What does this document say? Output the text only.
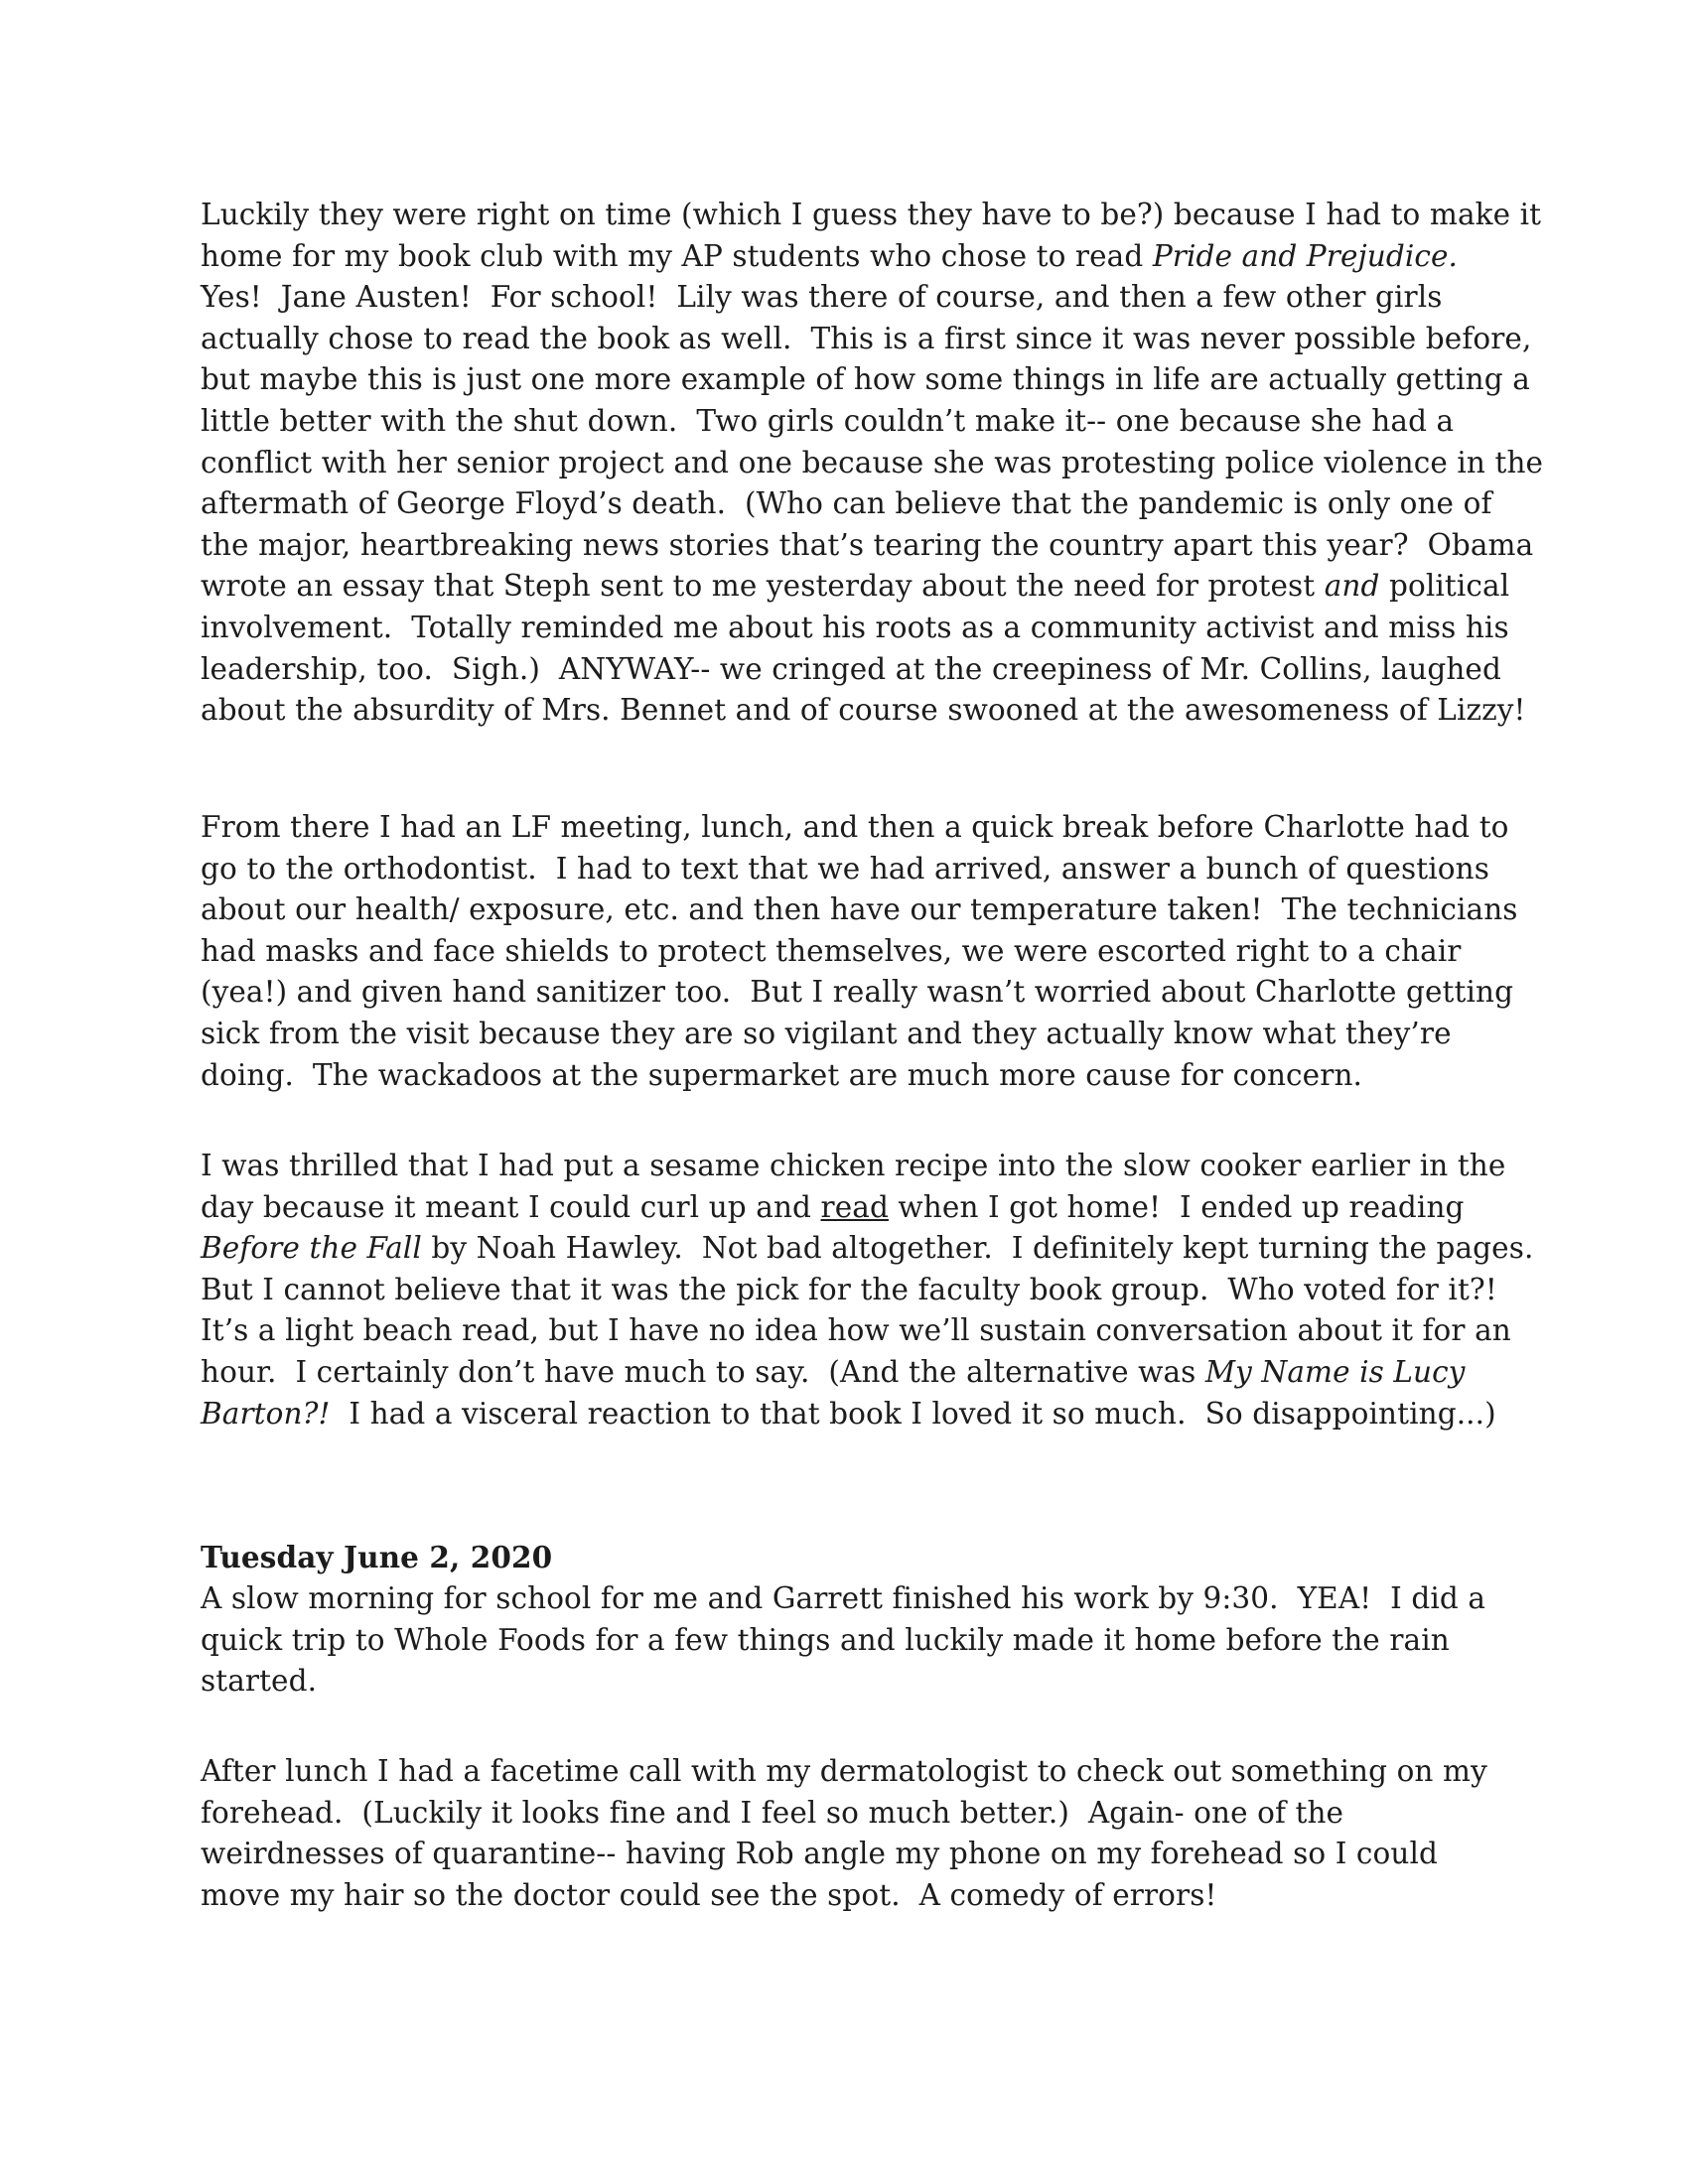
Luckily they were right on time (which I guess they have to be?) because I had to make it
home for my book club with my AP students who chose to read Pride and Prejudice.
Yes!  Jane Austen!  For school!  Lily was there of course, and then a few other girls
actually chose to read the book as well.  This is a first since it was never possible before,
but maybe this is just one more example of how some things in life are actually getting a
little better with the shut down.  Two girls couldn’t make it-- one because she had a
conflict with her senior project and one because she was protesting police violence in the
aftermath of George Floyd’s death.  (Who can believe that the pandemic is only one of
the major, heartbreaking news stories that’s tearing the country apart this year?  Obama
wrote an essay that Steph sent to me yesterday about the need for protest and political
involvement.  Totally reminded me about his roots as a community activist and miss his
leadership, too.  Sigh.)  ANYWAY-- we cringed at the creepiness of Mr. Collins, laughed
about the absurdity of Mrs. Bennet and of course swooned at the awesomeness of Lizzy!
From there I had an LF meeting, lunch, and then a quick break before Charlotte had to
go to the orthodontist.  I had to text that we had arrived, answer a bunch of questions
about our health/ exposure, etc. and then have our temperature taken!  The technicians
had masks and face shields to protect themselves, we were escorted right to a chair
(yea!) and given hand sanitizer too.  But I really wasn’t worried about Charlotte getting
sick from the visit because they are so vigilant and they actually know what they’re
doing.  The wackadoos at the supermarket are much more cause for concern.
I was thrilled that I had put a sesame chicken recipe into the slow cooker earlier in the
day because it meant I could curl up and read when I got home!  I ended up reading
Before the Fall by Noah Hawley.  Not bad altogether.  I definitely kept turning the pages.
But I cannot believe that it was the pick for the faculty book group.  Who voted for it?!
It’s a light beach read, but I have no idea how we’ll sustain conversation about it for an
hour.  I certainly don’t have much to say.  (And the alternative was My Name is Lucy
Barton?!  I had a visceral reaction to that book I loved it so much.  So disappointing...)
Tuesday June 2, 2020
A slow morning for school for me and Garrett finished his work by 9:30.  YEA!  I did a
quick trip to Whole Foods for a few things and luckily made it home before the rain
started.
After lunch I had a facetime call with my dermatologist to check out something on my
forehead.  (Luckily it looks fine and I feel so much better.)  Again- one of the
weirdnesses of quarantine-- having Rob angle my phone on my forehead so I could
move my hair so the doctor could see the spot.  A comedy of errors!
